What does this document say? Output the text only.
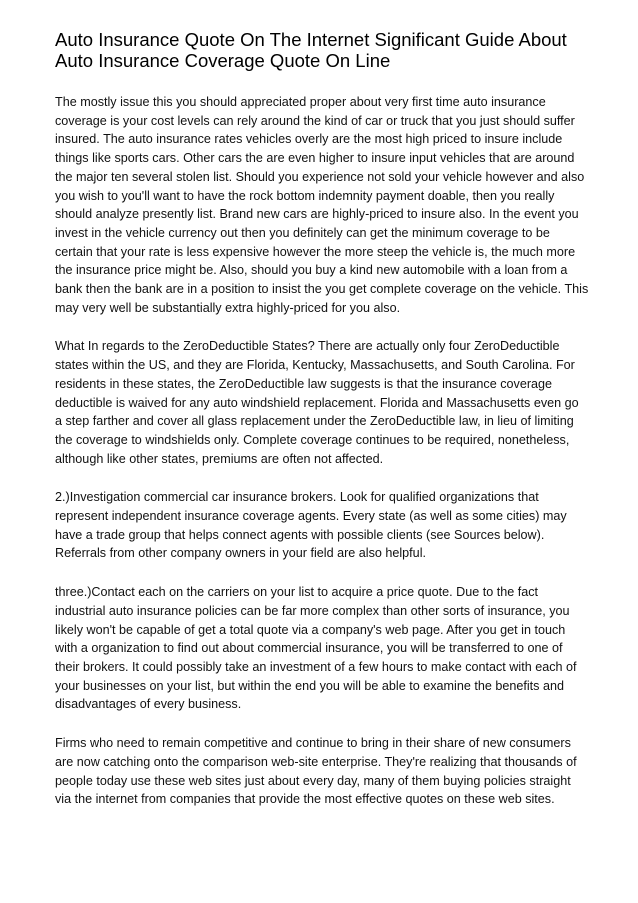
Auto Insurance Quote On The Internet Significant Guide About Auto Insurance Coverage Quote On Line

The mostly issue this you should appreciated proper about very first time auto insurance coverage is your cost levels can rely around the kind of car or truck that you just should suffer insured. The auto insurance rates vehicles overly are the most high priced to insure include things like sports cars. Other cars the are even higher to insure input vehicles that are around the major ten several stolen list. Should you experience not sold your vehicle however and also you wish to you'll want to have the rock bottom indemnity payment doable, then you really should analyze presently list. Brand new cars are highly-priced to insure also. In the event you invest in the vehicle currency out then you definitely can get the minimum coverage to be certain that your rate is less expensive however the more steep the vehicle is, the much more the insurance price might be. Also, should you buy a kind new automobile with a loan from a bank then the bank are in a position to insist the you get complete coverage on the vehicle. This may very well be substantially extra highly-priced for you also.

What In regards to the ZeroDeductible States? There are actually only four ZeroDeductible states within the US, and they are Florida, Kentucky, Massachusetts, and South Carolina. For residents in these states, the ZeroDeductible law suggests is that the insurance coverage deductible is waived for any auto windshield replacement. Florida and Massachusetts even go a step farther and cover all glass replacement under the ZeroDeductible law, in lieu of limiting the coverage to windshields only. Complete coverage continues to be required, nonetheless, although like other states, premiums are often not affected.

2.)Investigation commercial car insurance brokers. Look for qualified organizations that represent independent insurance coverage agents. Every state (as well as some cities) may have a trade group that helps connect agents with possible clients (see Sources below). Referrals from other company owners in your field are also helpful.

three.)Contact each on the carriers on your list to acquire a price quote. Due to the fact industrial auto insurance policies can be far more complex than other sorts of insurance, you likely won't be capable of get a total quote via a company's web page. After you get in touch with a organization to find out about commercial insurance, you will be transferred to one of their brokers. It could possibly take an investment of a few hours to make contact with each of your businesses on your list, but within the end you will be able to examine the benefits and disadvantages of every business.

Firms who need to remain competitive and continue to bring in their share of new consumers are now catching onto the comparison web-site enterprise. They're realizing that thousands of people today use these web sites just about every day, many of them buying policies straight via the internet from companies that provide the most effective quotes on these web sites.
